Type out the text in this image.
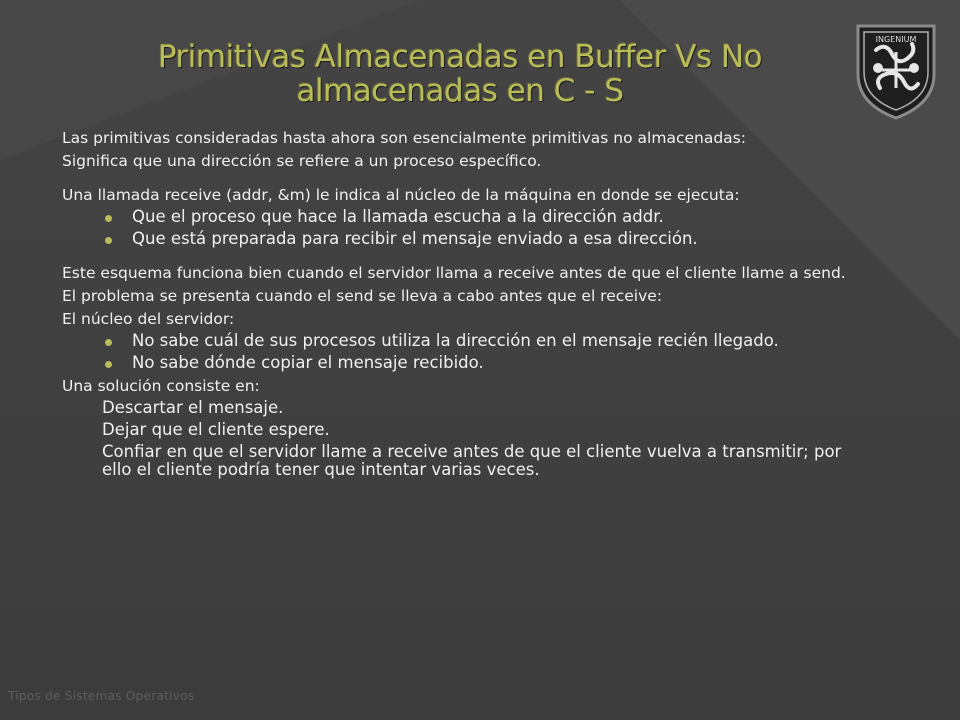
Primitivas Almacenadas en Buffer Vs No
almacenadas en C - S
INGENIUM

Las primitivas consideradas hasta ahora son esencialmente primitivas no almacenadas:

Significa que una dirección se refiere a un proceso específico.

Una llamada receive (addr, &m) le indica al núcleo de la máquina en donde se ejecuta:

Que el proceso que hace la llamada escucha a la dirección addr.
Que está preparada para recibir el mensaje enviado a esa dirección.

Este esquema funciona bien cuando el servidor llama a receive antes de que el cliente llame a send.

El problema se presenta cuando el send se lleva a cabo antes que el receive:

El núcleo del servidor:

No sabe cuál de sus procesos utiliza la dirección en el mensaje recién llegado.
No sabe dónde copiar el mensaje recibido.

Una solución consiste en:

Descartar el mensaje.
Dejar que el cliente espere.
Confiar en que el servidor llame a receive antes de que el cliente vuelva a transmitir; por ello el cliente podría tener que intentar varias veces.
Tipos de Sistemas Operativos
